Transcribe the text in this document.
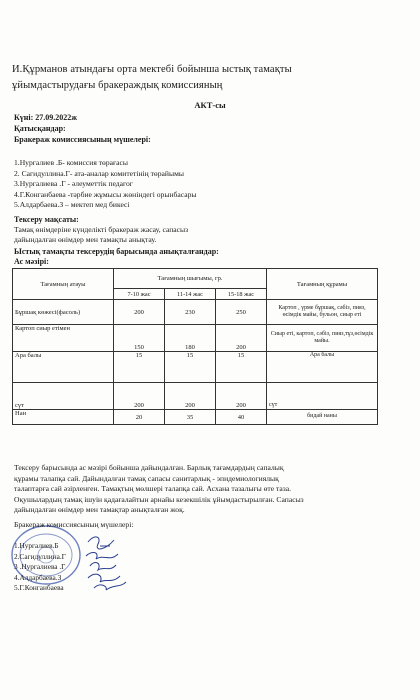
И.Құрманов атындағы орта мектебі бойынша ыстық тамақты ұйымдастырудағы бракераждық комиссияның
АКТ-сы
Күні: 27.09.2022ж
Қатысқандар:
Бракераж комиссиясының мүшелері:
1.Нургалиев .Б- комиссия төрағасы
2. Сагидуллина.Г- ата-аналар комитетінің төрайымы
3.Нургалиева .Г - әлеуметтік педагог
4.Г.Конганбаева -тәрбие жұмысы жөніндегі орынбасары
5.Алдарбаева.З – мектеп мед бикесі
Тексеру мақсаты:
Тамақ өнімдеріне күнделікті бракераж жасау, сапасыз
дайындалған өнімдер мен тамақты анықтау.
Ыстық тамақты тексерудің барысында анықталғандар:
Ас мәзірі:
Тағамның атауы	Тағамның шығымы, гр.			Тағамның құрамы
	7-10 жас	11-14 жас	15-18 жас	
Бұршақ көжесі(фасоль)	200	230	250	Картоп , үрме бұршақ, сәбіз, пияз, өсімдік майы, бульон, сиыр еті
Картоп сиыр етімен	150	180	200	Сиыр еті, картоп, сәбіз, пияз,тұз,өсімдік майы.
Ара балы	15	15	15	Ара балы
сүт	200	200	200	сүт
Нан	20	35	40	бидай наны
Тексеру барысында ас мәзірі бойынша дайындалған. Барлық тағамдардың сапалық
құрамы талапқа сай. Дайындалған тамақ сапасы санитарлық - эпидемиологиялық
талаптарға сай әзірленген. Тамақтың мөлшері талапқа сай. Асхана тазалығы өте таза.
Оқушылардың тамақ ішуін қадағалайтын арнайы кезекшілік ұйымдастырылған. Сапасыз
дайындалған өнімдер мен тамақтар анықталған жоқ.
Бракераж комиссиясының мүшелері:
1.Нургалиев.Б
2.Сагидуллина.Г
3 .Нургалиева .Г
4.Алдарбаева.З
5.Г.Конганбаева
